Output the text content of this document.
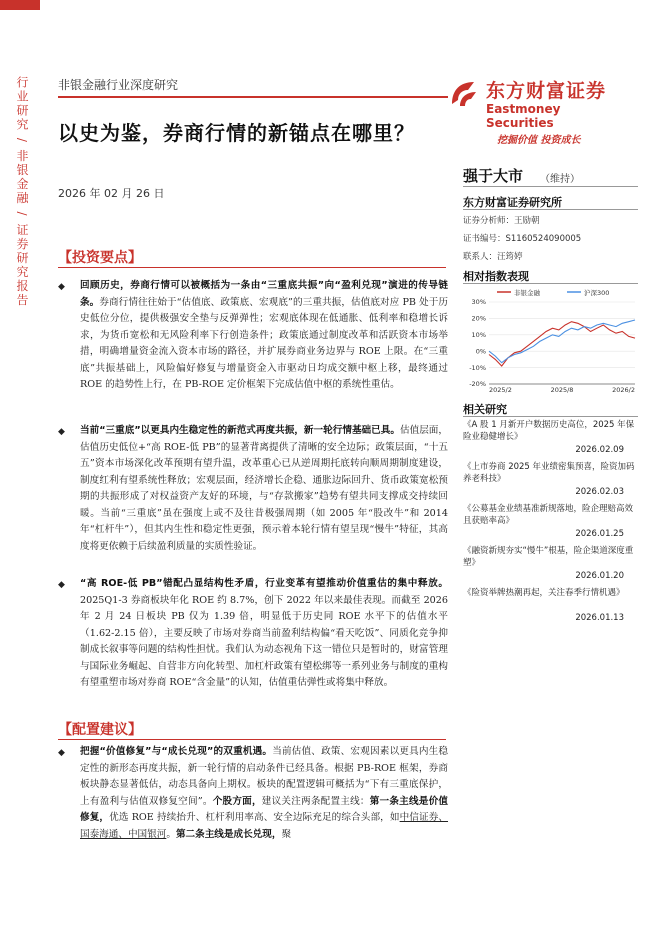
行业研究 / 非银金融 / 证券研究报告 非银金融行业深度研究
以史为鉴，券商行情的新锚点在哪里？
2026 年 02 月 26 日
东方财富证券
Eastmoney Securities
挖掘价值 投资成长
强于大市 （维持）
东方财富证券研究所
证券分析师：王励朝
证书编号：S1160524090005
联系人：汪筠婷
相对指数表现
非银金融	沪深300
30%
20%
10%
0%
-10%
-20%
2025/2	2025/8	2026/2
相关研究
《A 股 1 月新开户数据历史高位，2025 年保险业稳健增长》
2026.02.09
《上市券商 2025 年业绩密集预喜，险资加码养老科技》
2026.02.03
《公募基金业绩基准新规落地，险企理赔高效且获赔率高》
2026.01.25
《融资新规夯实“慢牛”根基，险企渠道深度重塑》
2026.01.20
《险资举牌热潮再起，关注春季行情机遇》
2026.01.13
【投资要点】
◆ 回顾历史，券商行情可以被概括为一条由“三重底共振”向“盈利兑现”演进的传导链条。券商行情往往始于“估值底、政策底、宏观底”的三重共振，估值底对应 PB 处于历史低位分位，提供极强安全垫与反弹弹性；宏观底体现在低通胀、低利率和稳增长诉求，为货币宽松和无风险利率下行创造条件；政策底通过制度改革和活跃资本市场举措，明确增量资金流入资本市场的路径，并扩展券商业务边界与 ROE 上限。在“三重底”共振基础上，风险偏好修复与增量资金入市驱动日均成交额中枢上移，最终通过 ROE 的趋势性上行，在 PB-ROE 定价框架下完成估值中枢的系统性重估。
◆ 当前“三重底”以更具内生稳定性的新范式再度共振，新一轮行情基础已具。估值层面，估值历史低位+“高 ROE-低 PB”的显著背离提供了清晰的安全边际；政策层面，“十五五”资本市场深化改革预期有望升温，改革重心已从逆周期托底转向顺周期制度建设，制度红利有望系统性释放；宏观层面，经济增长企稳、通胀边际回升、货币政策宽松预期的共振形成了对权益资产友好的环境，与“存款搬家”趋势有望共同支撑成交持续回暖。当前“三重底”虽在强度上或不及往昔极强周期（如 2005 年“股改牛”和 2014 年“杠杆牛”），但其内生性和稳定性更强，预示着本轮行情有望呈现“慢牛”特征，其高度将更依赖于后续盈利质量的实质性验证。
◆ “高 ROE-低 PB”错配凸显结构性矛盾，行业变革有望推动价值重估的集中释放。2025Q1-3 券商板块年化 ROE 约 8.7%，创下 2022 年以来最佳表现。而截至 2026 年 2 月 24 日板块 PB 仅为 1.39 倍，明显低于历史同 ROE 水平下的估值水平（1.62-2.15 倍），主要反映了市场对券商当前盈利结构偏“看天吃饭”、同质化竞争抑制成长叙事等问题的结构性担忧。我们认为动态视角下这一错位只是暂时的，财富管理与国际业务崛起、自营非方向化转型、加杠杆政策有望松绑等一系列业务与制度的重构有望重塑市场对券商 ROE“含金量”的认知，估值重估弹性或将集中释放。
【配置建议】
◆ 把握“价值修复”与“成长兑现”的双重机遇。当前估值、政策、宏观因素以更具内生稳定性的新形态再度共振，新一轮行情的启动条件已经具备。根据 PB-ROE 框架，券商板块静态显著低估，动态具备向上期权。板块的配置逻辑可概括为“下有三重底保护，上有盈利与估值双修复空间”。个股方面，建议关注两条配置主线：第一条主线是价值修复，优选 ROE 持续抬升、杠杆利用率高、安全边际充足的综合头部，如中信证券、国泰海通、中国银河。第二条主线是成长兑现，聚
